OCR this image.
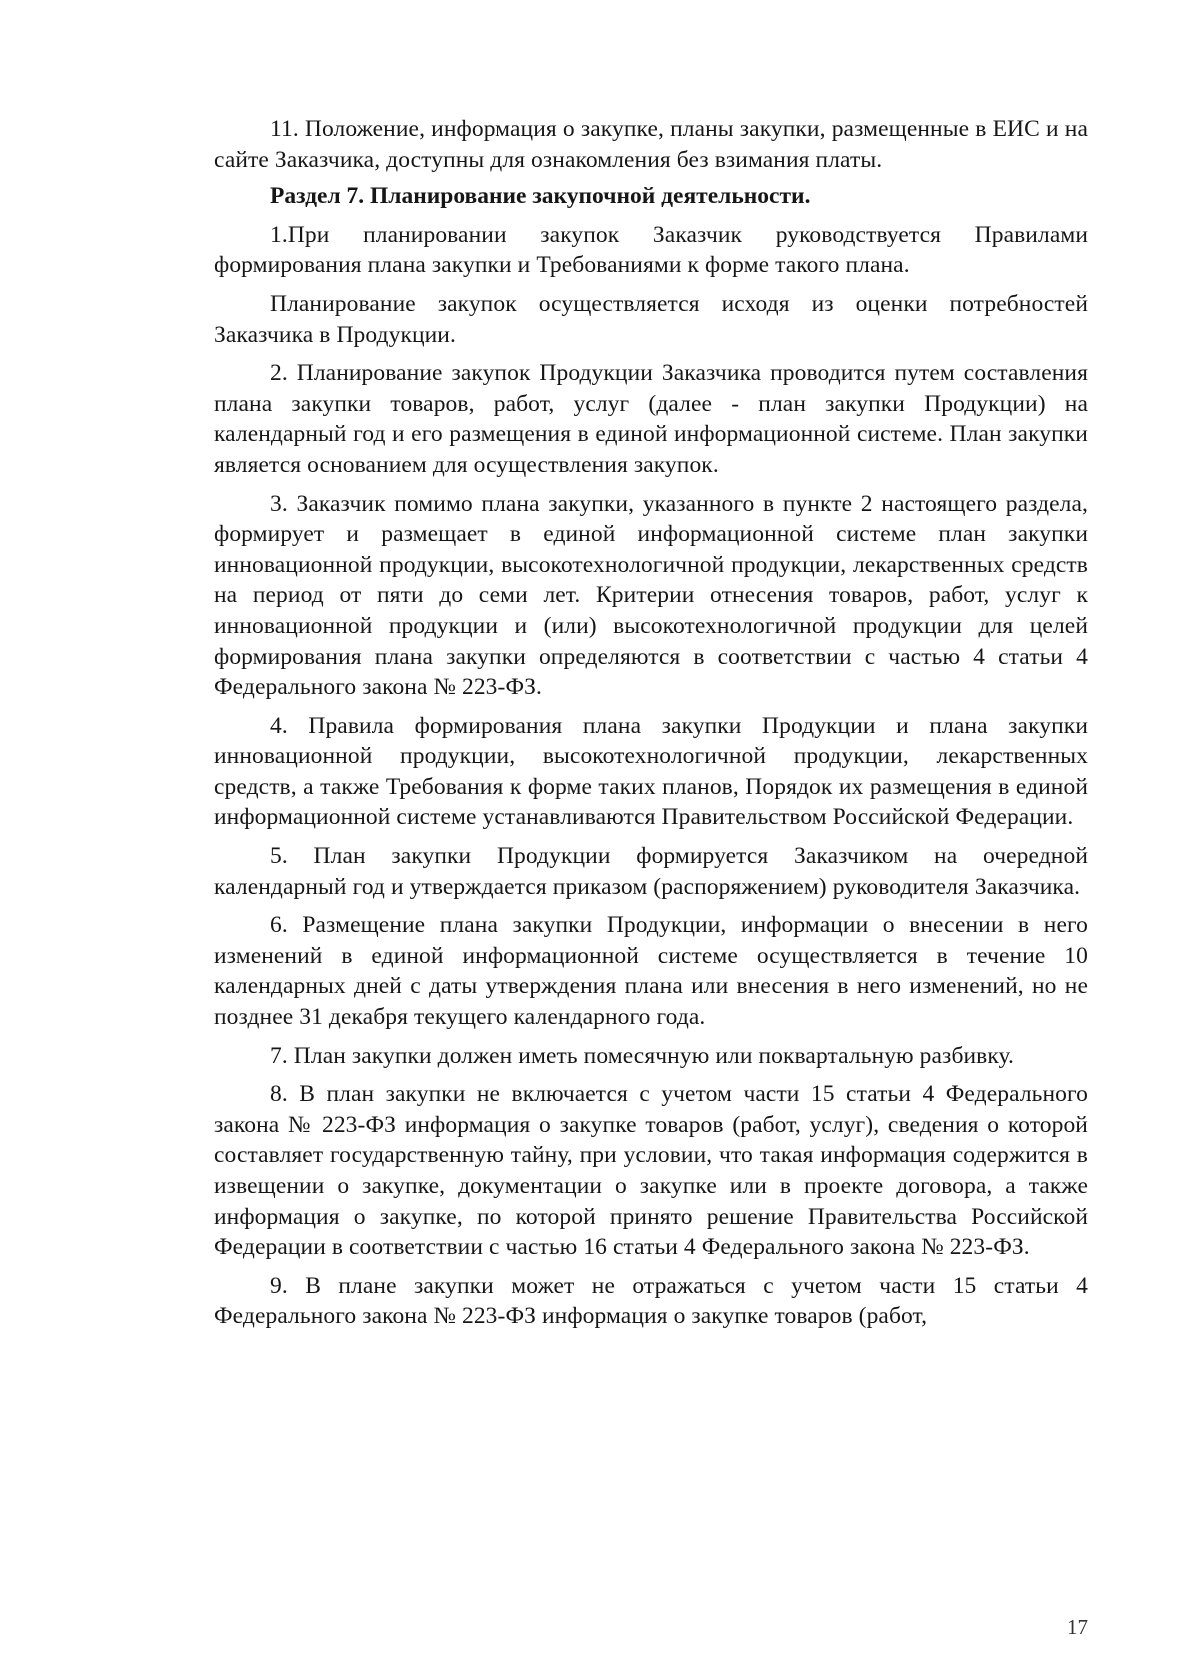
11. Положение, информация о закупке, планы закупки, размещенные в ЕИС и на сайте Заказчика, доступны для ознакомления без взимания платы.

Раздел 7. Планирование закупочной деятельности.

1.При планировании закупок Заказчик руководствуется Правилами формирования плана закупки и Требованиями к форме такого плана.

Планирование закупок осуществляется исходя из оценки потребностей Заказчика в Продукции.

2. Планирование закупок Продукции Заказчика проводится путем составления плана закупки товаров, работ, услуг (далее - план закупки Продукции) на календарный год и его размещения в единой информационной системе. План закупки является основанием для осуществления закупок.

3. Заказчик помимо плана закупки, указанного в пункте 2 настоящего раздела, формирует и размещает в единой информационной системе план закупки инновационной продукции, высокотехнологичной продукции, лекарственных средств на период от пяти до семи лет. Критерии отнесения товаров, работ, услуг к инновационной продукции и (или) высокотехнологичной продукции для целей формирования плана закупки определяются в соответствии с частью 4 статьи 4 Федерального закона № 223-ФЗ.

4. Правила формирования плана закупки Продукции и плана закупки инновационной продукции, высокотехнологичной продукции, лекарственных средств, а также Требования к форме таких планов, Порядок их размещения в единой информационной системе устанавливаются Правительством Российской Федерации.

5. План закупки Продукции формируется Заказчиком на очередной календарный год и утверждается приказом (распоряжением) руководителя Заказчика.

6. Размещение плана закупки Продукции, информации о внесении в него изменений в единой информационной системе осуществляется в течение 10 календарных дней с даты утверждения плана или внесения в него изменений, но не позднее 31 декабря текущего календарного года.

7. План закупки должен иметь помесячную или поквартальную разбивку.

8. В план закупки не включается с учетом части 15 статьи 4 Федерального закона № 223-ФЗ информация о закупке товаров (работ, услуг), сведения о которой составляет государственную тайну, при условии, что такая информация содержится в извещении о закупке, документации о закупке или в проекте договора, а также информация о закупке, по которой принято решение Правительства Российской Федерации в соответствии с частью 16 статьи 4 Федерального закона № 223-ФЗ.

9. В плане закупки может не отражаться с учетом части 15 статьи 4 Федерального закона № 223-ФЗ информация о закупке товаров (работ,

17
